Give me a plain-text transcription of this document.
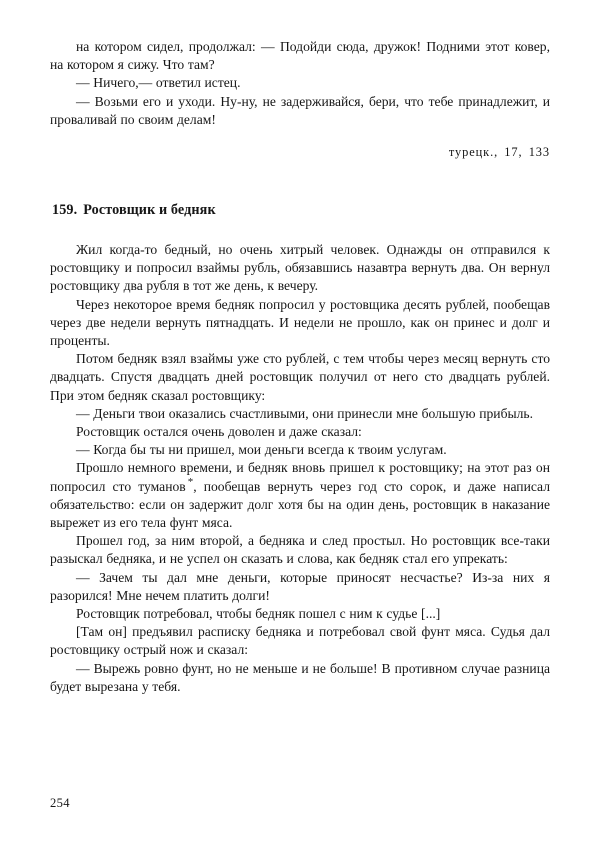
на котором сидел, продолжал: — Подойди сюда, дружок! Подними этот ковер, на котором я сижу. Что там?

— Ничего,— ответил истец.

— Возьми его и уходи. Ну-ну, не задерживайся, бери, что тебе принадлежит, и проваливай по своим делам!

турецк., 17, 133

159. Ростовщик и бедняк

Жил когда-то бедный, но очень хитрый человек. Однажды он отправился к ростовщику и попросил взаймы рубль, обязавшись назавтра вернуть два. Он вернул ростовщику два рубля в тот же день, к вечеру.

Через некоторое время бедняк попросил у ростовщика десять рублей, пообещав через две недели вернуть пятнадцать. И недели не прошло, как он принес и долг и проценты.

Потом бедняк взял взаймы уже сто рублей, с тем чтобы через месяц вернуть сто двадцать. Спустя двадцать дней ростовщик получил от него сто двадцать рублей. При этом бедняк сказал ростовщику:

— Деньги твои оказались счастливыми, они принесли мне большую прибыль.

Ростовщик остался очень доволен и даже сказал:

— Когда бы ты ни пришел, мои деньги всегда к твоим услугам.

Прошло немного времени, и бедняк вновь пришел к ростовщику; на этот раз он попросил сто туманов *, пообещав вернуть через год сто сорок, и даже написал обязательство: если он задержит долг хотя бы на один день, ростовщик в наказание вырежет из его тела фунт мяса.

Прошел год, за ним второй, а бедняка и след простыл. Но ростовщик все-таки разыскал бедняка, и не успел он сказать и слова, как бедняк стал его упрекать:

— Зачем ты дал мне деньги, которые приносят несчастье? Из-за них я разорился! Мне нечем платить долги!

Ростовщик потребовал, чтобы бедняк пошел с ним к судье [...]

[Там он] предъявил расписку бедняка и потребовал свой фунт мяса. Судья дал ростовщику острый нож и сказал:

— Вырежь ровно фунт, но не меньше и не больше! В противном случае разница будет вырезана у тебя.

254
